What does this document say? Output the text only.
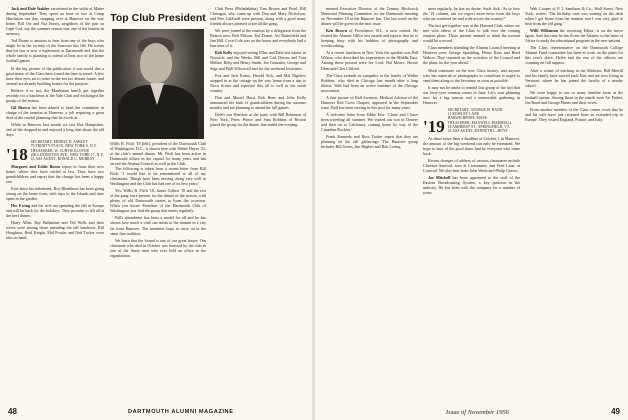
Jack and Dale Stabler vacationed in the wilds of Maine during September. They spent an hour or two at Camp Hinchman one day, stopping over at Hanover on the way home. Bill Orr and Nat Norris, neighbors of the pair on Cape Cod, say the summer season was one of the busiest in memory.

Ted Doane is anxious to hear from any of the boys who might be in the vicinity of the Seacoast this fall. He writes that his son is now a sophomore at Dartmouth and that the whole family is planning to attend at least two of the home football games.

In the big picture of the publication it was noted that a great many of the Class have found the time to travel. A few have their eyes set to retire in the not too distant future, and several are already building homes for the purpose.

Believe it or not, the Manhattan bunch got together recently for a luncheon at the Yale Club and exchanged the gossip of the season.

Gil Brown has been named to head the committee in charge of the reunion at Hanover, a job requiring a great deal of the careful planning that he excels at.

While in Hanover last month we saw Bus Hampshire, one of the dropped in and enjoyed a long chat about the old days.

'18
SECRETARY, ERNEST D. ASHLEY
70 TRINITY PLACE, NEW YORK 6, N.Y.
TREASURER, W. CURTIS GLOVER
200 LEXINGTON AVE., NEW YORK 17, N.Y.
CLASS AGENT, RONALD C. MURRAY

Margaret and Eddie Burns report in from their new home, where they have settled at last. They have two grandchildren and report that the change has been a happy one.

Ever since his retirement, Roy Blenkhorn has been going strong on the home front, with trips to the Islands and time spent in the garden.

Hec Ewing and his wife are spending the fall in Europe and will be back for the holidays. They promise to tell all at the next dinner.

Harry Allen, Ray Ballantine and Ted Wells and their wives were among those attending the fall luncheon. Bill Houghton, Reid Knight, Mal Fowler and Ned Tucker were also on hand.

Top Club President

Willis R. Fitch '18 (left), president of the Dartmouth Club of Washington, D.C., is shown here with Walter Hayes '21, at the club's annual dinner. Mr. Fitch has been active in Dartmouth affairs in the capital for many years and has served the Alumni Council as well as the Club.

The following is taken from a recent letter from Bill Fitch: 'I would like to be remembered to all of my classmates. Things have been moving along very well in Washington and the Club has had one of its best years.'

Yes, Willis R. Fitch '18, James Gilbert '18 and the rest of the gang were present for the dinner of the season, with plenty of old Dartmouth stories to liven the occasion. When you locate President of the Dartmouth Club of Washington you find the group that meets regularly.

Bill's attendance has been a model for all and he has shown how much a club can mean to the alumni in a city far from Hanover. The members hope to carry on in the same fine tradition.

We learn that the Sound is one of our great losses. Our classmate who died in October was honored by the club as one of the finest men who ever held an office in the organization.

Club Press (Philadelphia) Tom Brown and Pearl. Bill Christgau, who came up with Don and Mary Nicholson, and Pete Caldwell were present, along with a good many friends always pleased to see all the gang.

We were joined at the reunion by a delegation from the Boston area: Bob Ellison, Ted Doane, Art Butterfield and Jim Hill. Coca-Cola was on the house and everybody had a fine time of it.

Bob Kelly enjoyed seeing Ellen and Dale last winter in Norwich, and the Weeks, Bill and Carl Downs and Tom Mellen, Betty and Henry Smith, Joe Gonzalez, George and Sage and Walt Wilson all met for the weekend festivities.

Eva and Jack Evans, Harold Sick, and Mal Bigelow stopped in at the cottage on the way home from a trip to Nova Scotia and reported that all is well in the north country.

Don and Muriel Hurd, Bob Bone and John Kelly announced the birth of grandchildren during the summer months and are planning to attend the fall games.

Dale's son Winslow at the party with Bill Robinson of New York, Peter, Prince and Sam Robbins of Boston joined the group for the dinner that ended the evening.

mented Executive Director of the Tommy Hitchcock Memorial Planning Committee for the Dartmouth meeting on November 10 at the Hanover Inn. The last word on the dinner will be given in the next issue.

Ken Brown of Providence, R.I., is now retired. He visited the Alumni Office last month and reports that he is keeping busy with his hobbies of photography and woodworking.

At a recent luncheon in New York the speaker was Bill Wilson, who described his experiences in the Middle East. Among those present were Joe Lord, Hal Moore, Howie Dean and Chet Clifford.

The Class extends its sympathy to the family of Walter Robbins, who died in Chicago last month after a long illness. Walt had been an active member of the Chicago association.

A fine picture of Ralf Sweeten, Medical Advisor of the Hanover Red Cross Chapter, appeared in the September issue. Ralf has been serving in this post for many years.

A welcome letter from Eddie Ertz: 'Claire and I have been traveling all summer. We visited our son in Denver and then on to California, coming home by way of the Canadian Rockies.'

Frank Kennedy and Ross Tucker report that they are planning on the fall gatherings. The Hanover group includes Bill Green, Jim Hughes and Bob Loring.

meet regularly, he has no desire. Such dick. 'As to how the '19 column, can we expect more news from the boys who are scattered far and wide across the country?'

The last get-together was at the Harvard Club, where we met with others of the Class to talk over the coming reunion plans. Those present seemed to think the turnout would be a record.

Class members attending the Alumni Council meeting at Hanover were George Spaulding, Henry Ross and Reed Walton. They reported on the activities of the Council and the plans for the year ahead.

Work continues on the new Class history, and anyone who has material or photographs to contribute is urged to send them along to the Secretary as soon as possible.

It may not be amiss to remind this group of the fact that our forty-year reunion comes in June. Let's start planning now for a big turnout and a memorable gathering in Hanover.

'19
SECRETARY, GEORGE W. RAND
11 ROWLEY LANE
HARWICHPORT, MASS.
TREASURER, MAXWELL MARSHALL
18 AMHERST ST., SPRINGFIELD, VT.
CLASS AGENT, KENNETH L. HOYT

As these notes have a deadline of October 1 in Hanover, the amount of the big weekend can only be estimated. We hope to hear of the good times had by everyone who came back.

Recent changes of address of various classmates include Clarence Sanford, now at Leominster, and Fred Lane, at Concord. We also hear from John Waite and Philip Graves.

Joe Mitchell has been appointed to the staff of the Eastern Broadcasting System, a key position in the industry. He has been with the company for a number of years.

Walt Cooper of P. I. Sandison & Co., Wall Street, New York, writes: 'The birthday card was waiting on the desk when I got home from the reunion and I was very glad to hear from the old gang.'

Willi Wilkinson the rewriting Editor, is on the move again. And this time he has flown the Atlantic to the heart of Africa to study the educational program in the new nations.

The Class representative on the Dartmouth College Alumni Fund committee has been at work on the plans for this year's drive. Helen and the rest of the officers are counting on full support.

After a winter of teaching in the Midwest, Bill Merrill and his family have moved back East and are now living in Vermont, where he has joined the faculty of a nearby school.

We were happy to see so many familiar faces at the football opener. Among those in the stands were Art Parker, Joe Bond and George Harris and their wives.

From another member of the Class comes word that he and his wife have just returned from an extended trip to Europe. They visited England, France, and Italy.

48	DARTMOUTH ALUMNI MAGAZINE	Issue of November 1956	49
